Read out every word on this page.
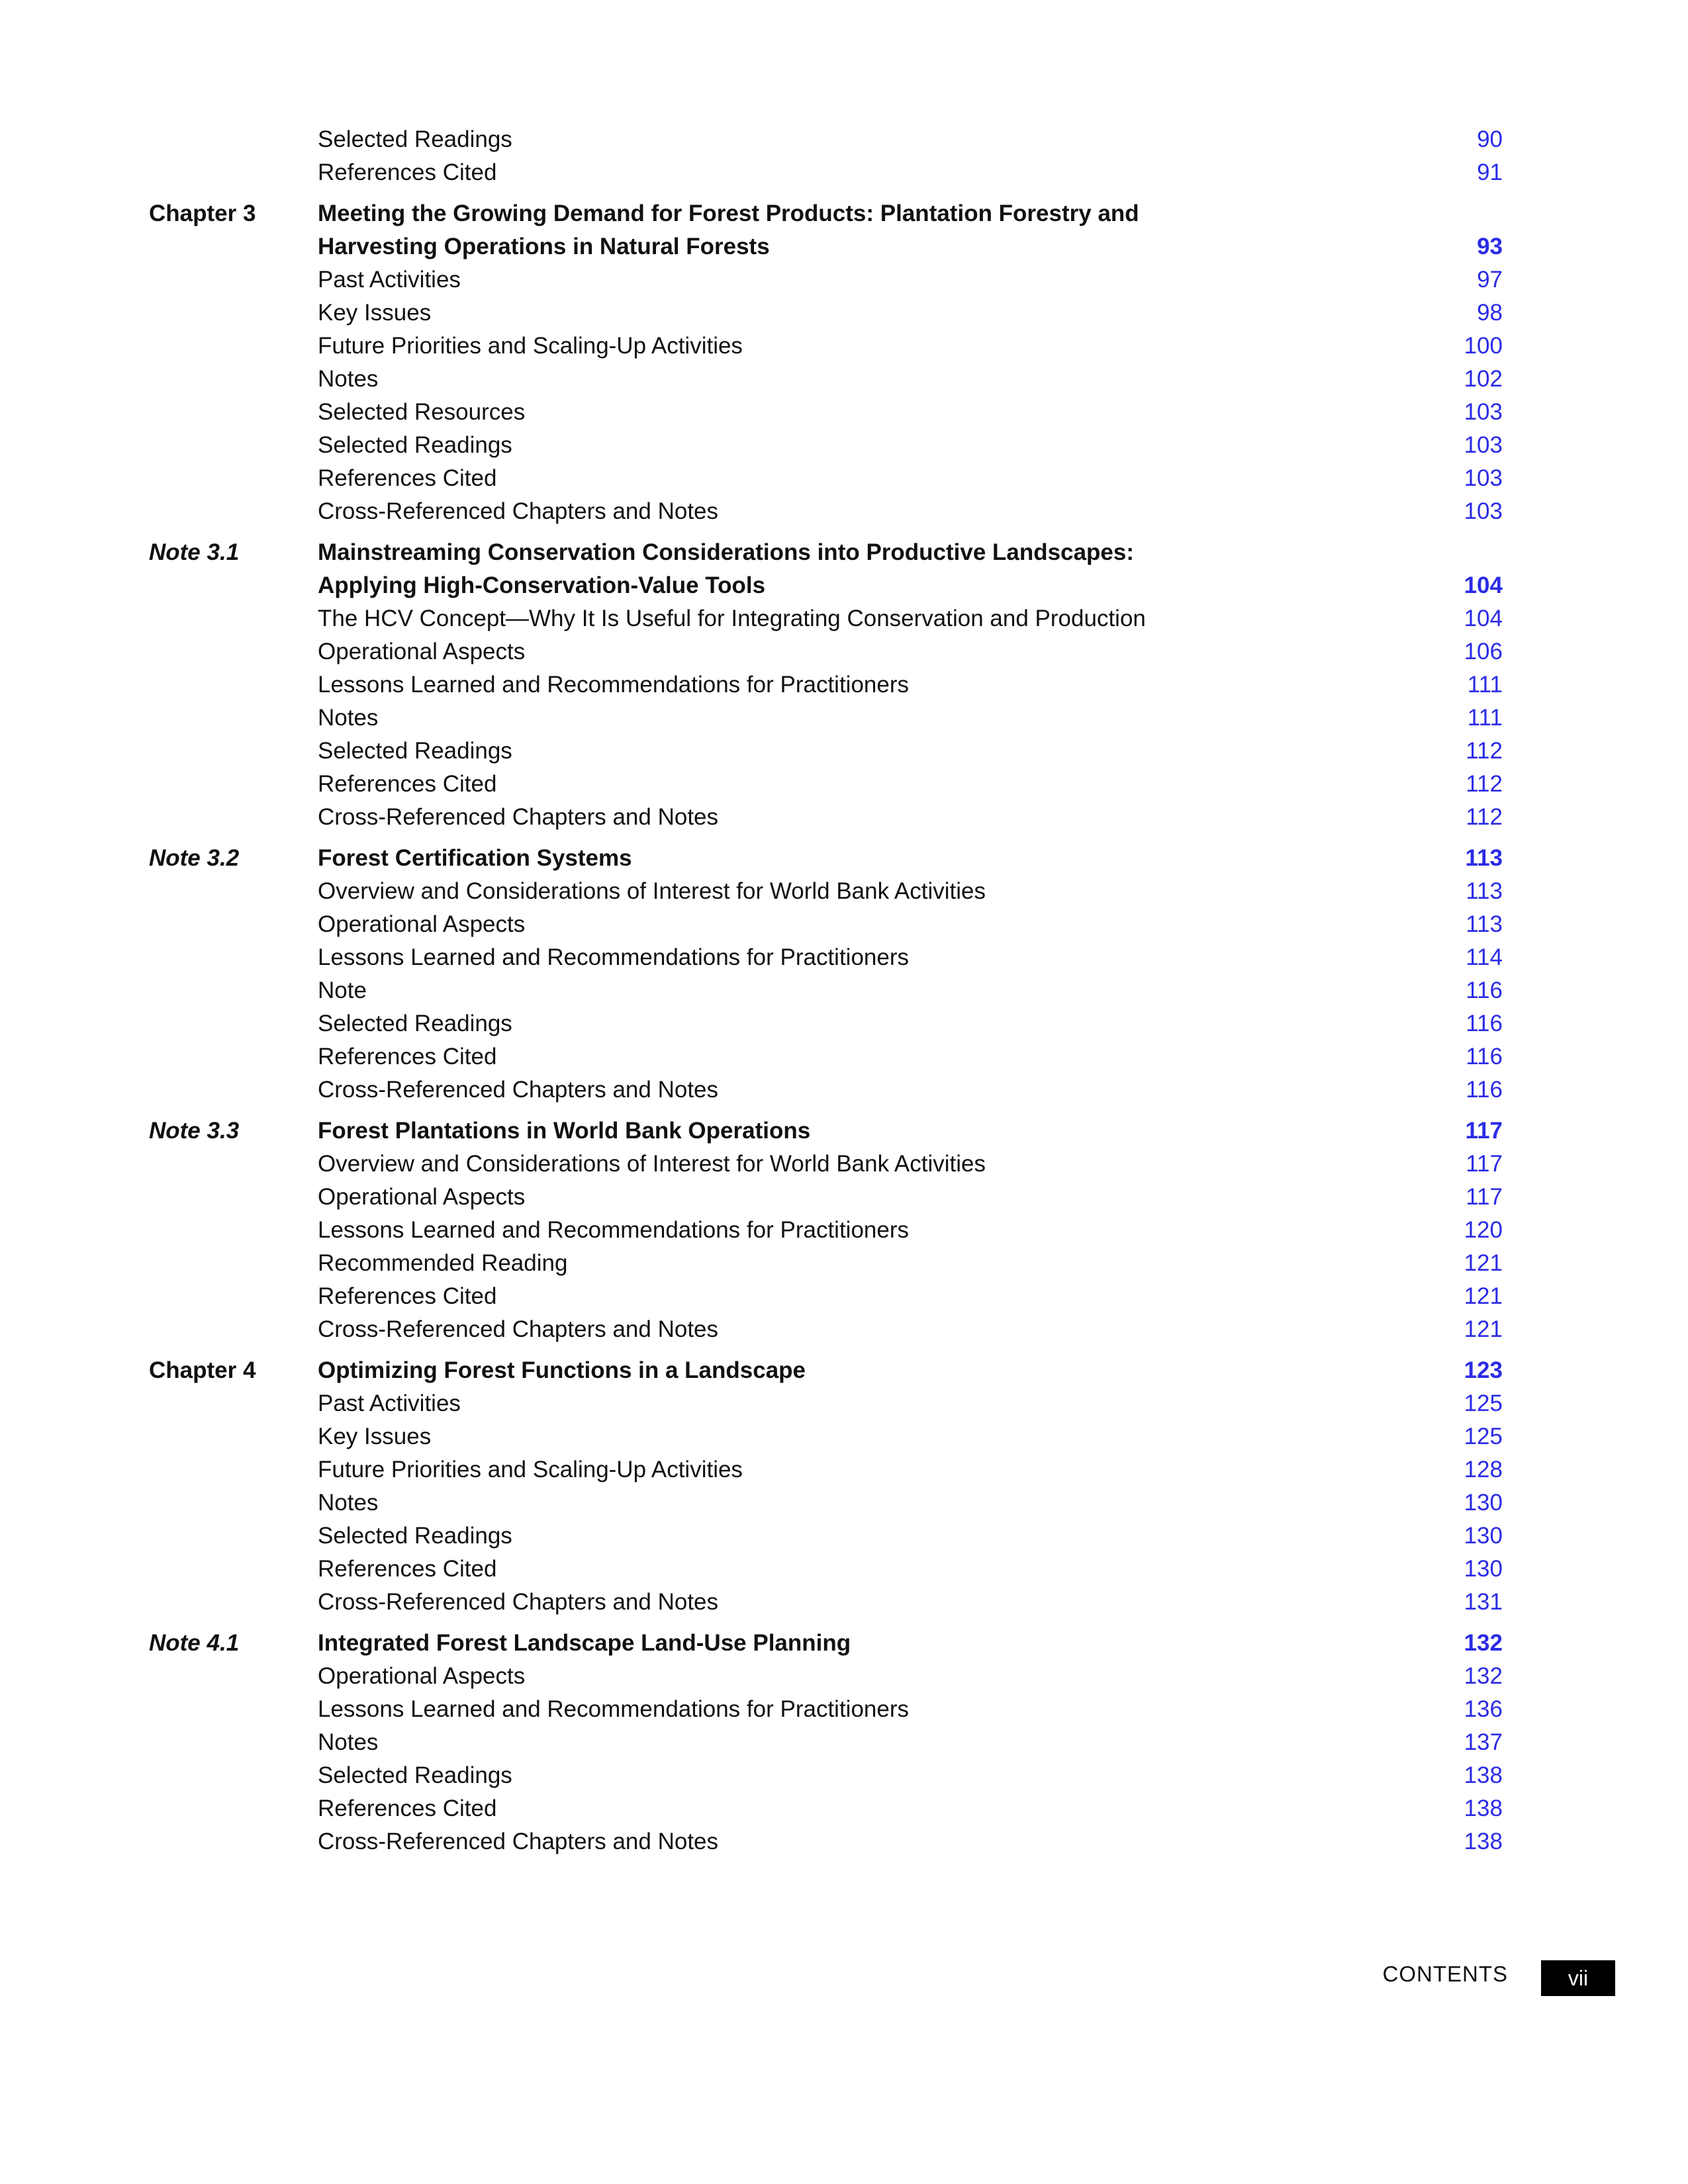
Selected Readings	90
References Cited	91
Chapter 3	Meeting the Growing Demand for Forest Products: Plantation Forestry and
Harvesting Operations in Natural Forests	93
Past Activities	97
Key Issues	98
Future Priorities and Scaling-Up Activities	100
Notes	102
Selected Resources	103
Selected Readings	103
References Cited	103
Cross-Referenced Chapters and Notes	103
Note 3.1	Mainstreaming Conservation Considerations into Productive Landscapes:
Applying High-Conservation-Value Tools	104
The HCV Concept—Why It Is Useful for Integrating Conservation and Production	104
Operational Aspects	106
Lessons Learned and Recommendations for Practitioners	111
Notes	111
Selected Readings	112
References Cited	112
Cross-Referenced Chapters and Notes	112
Note 3.2	Forest Certification Systems	113
Overview and Considerations of Interest for World Bank Activities	113
Operational Aspects	113
Lessons Learned and Recommendations for Practitioners	114
Note	116
Selected Readings	116
References Cited	116
Cross-Referenced Chapters and Notes	116
Note 3.3	Forest Plantations in World Bank Operations	117
Overview and Considerations of Interest for World Bank Activities	117
Operational Aspects	117
Lessons Learned and Recommendations for Practitioners	120
Recommended Reading	121
References Cited	121
Cross-Referenced Chapters and Notes	121
Chapter 4	Optimizing Forest Functions in a Landscape	123
Past Activities	125
Key Issues	125
Future Priorities and Scaling-Up Activities	128
Notes	130
Selected Readings	130
References Cited	130
Cross-Referenced Chapters and Notes	131
Note 4.1	Integrated Forest Landscape Land-Use Planning	132
Operational Aspects	132
Lessons Learned and Recommendations for Practitioners	136
Notes	137
Selected Readings	138
References Cited	138
Cross-Referenced Chapters and Notes	138
CONTENTS	vii
